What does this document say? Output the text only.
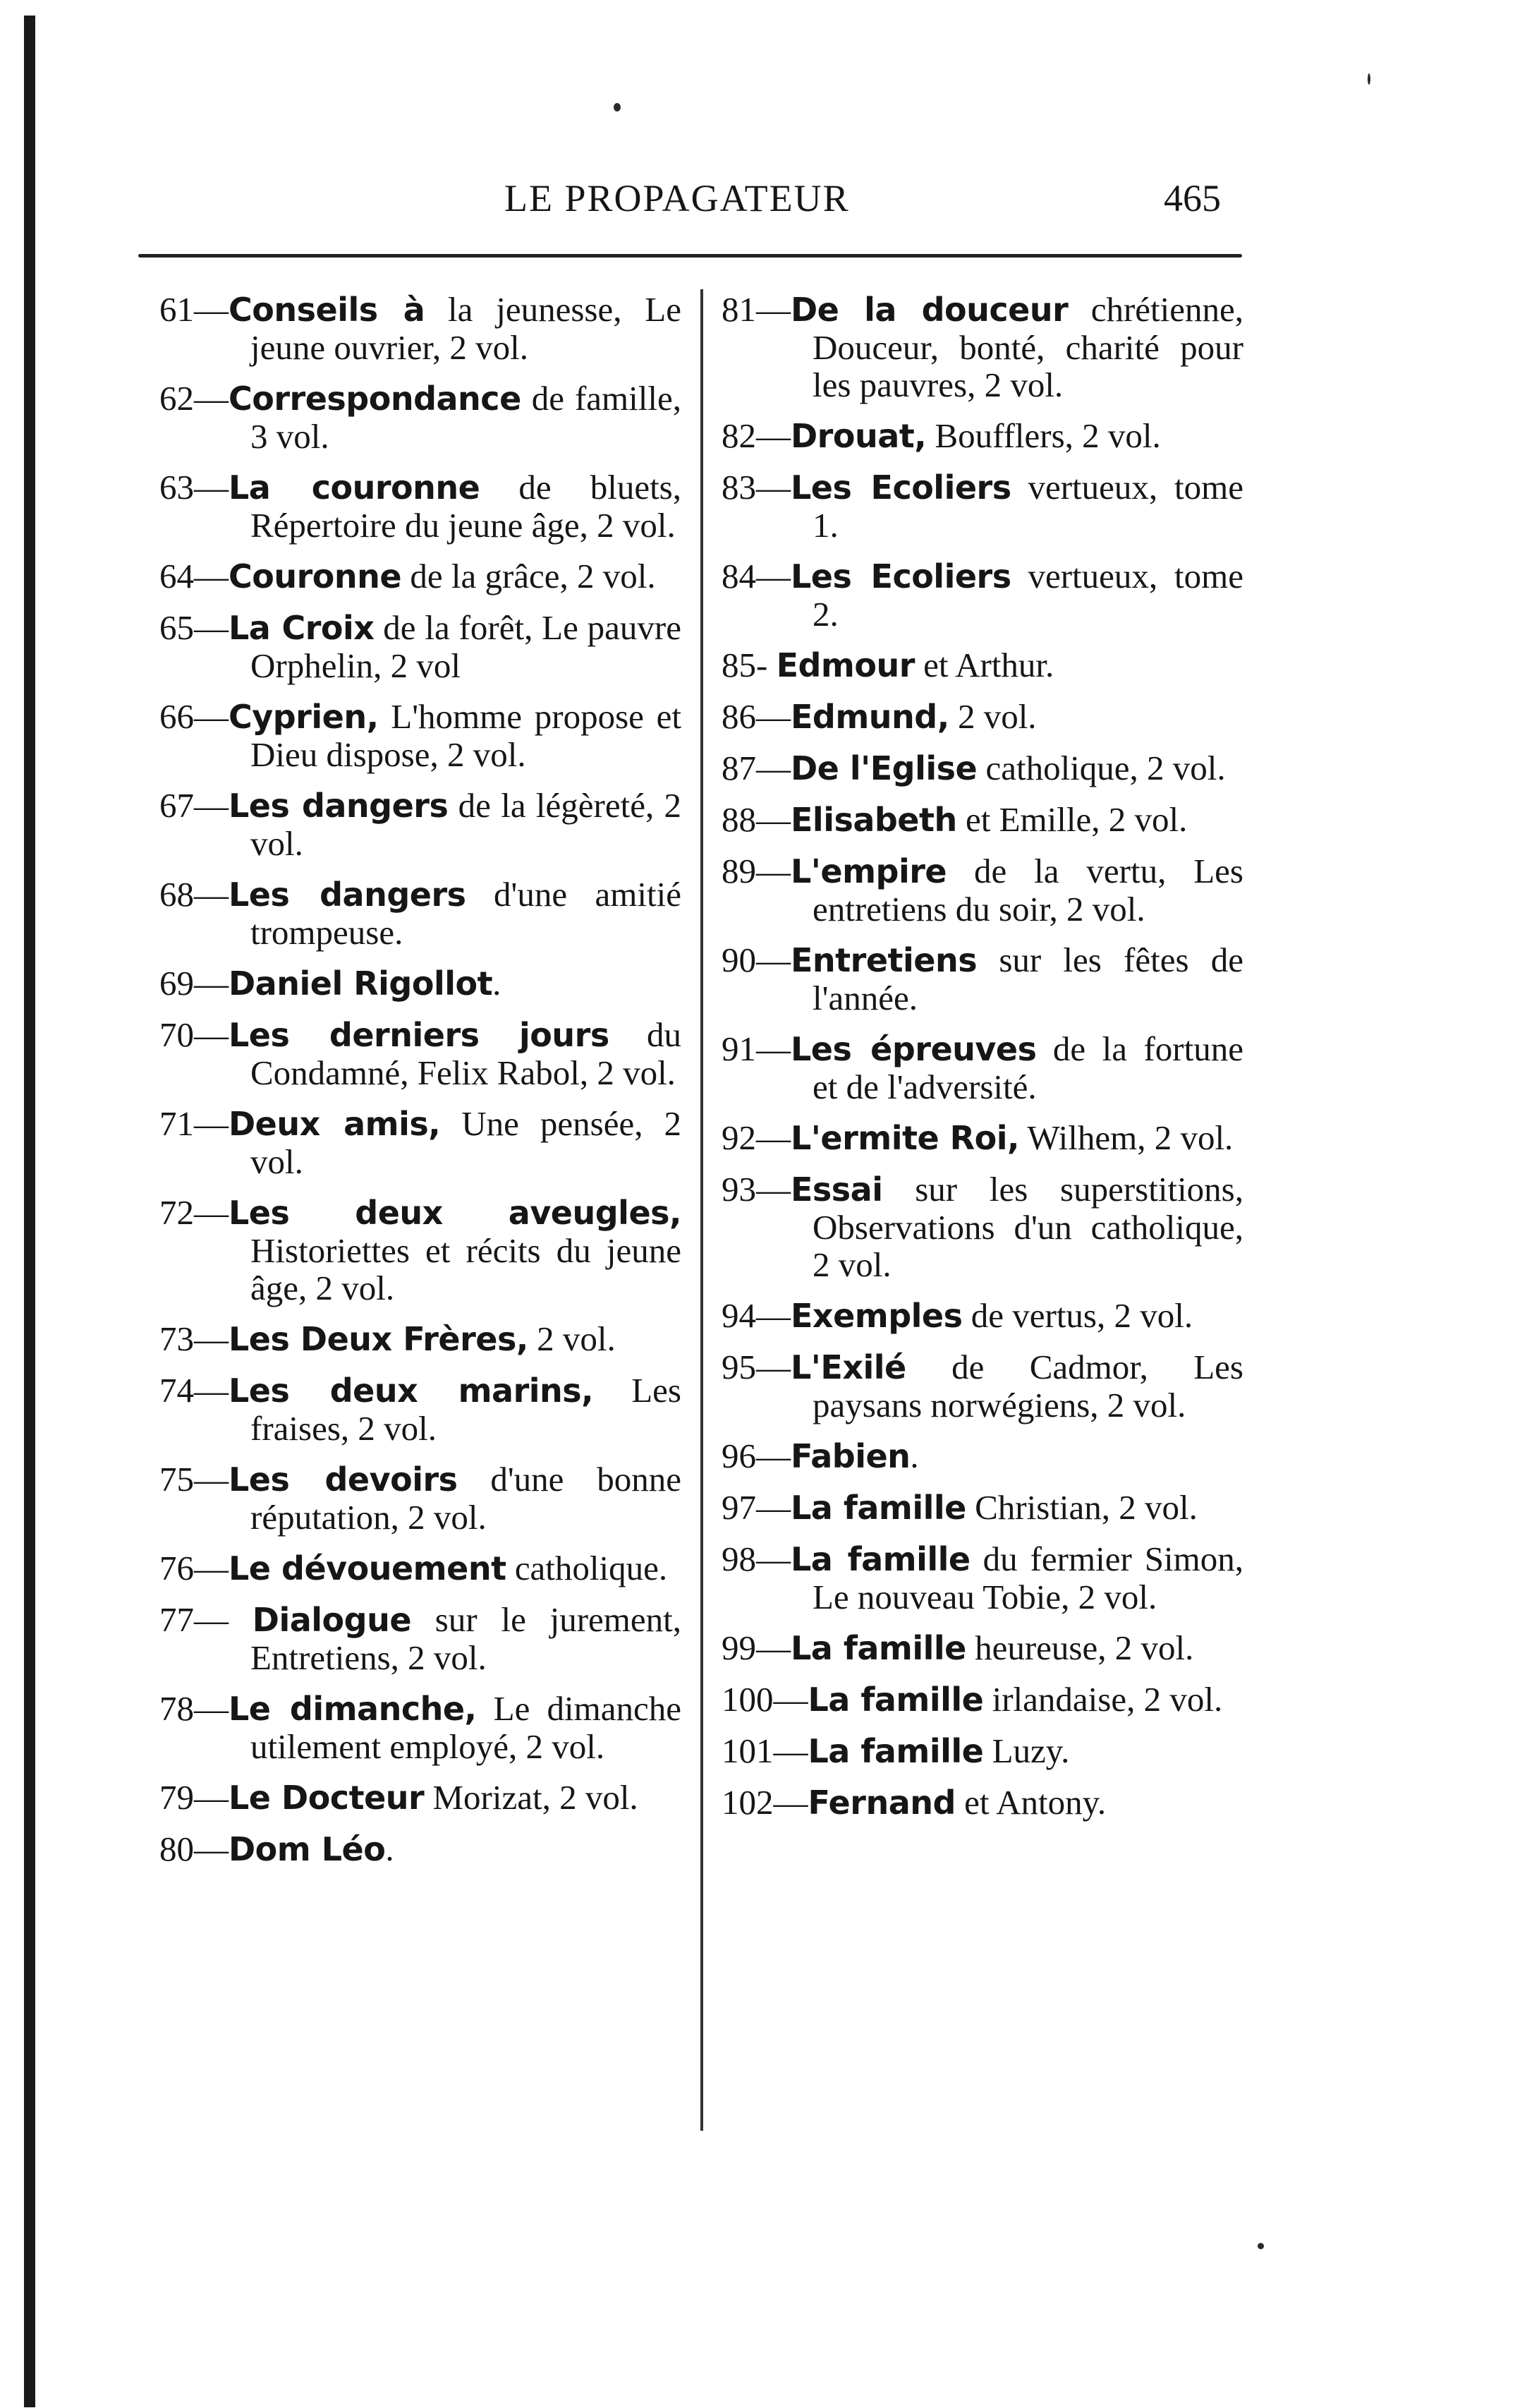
LE PROPAGATEUR	465

61—Conseils à la jeunesse, Le jeune ouvrier, 2 vol.

62—Correspondance de famille, 3 vol.

63—La couronne de bluets, Répertoire du jeune âge, 2 vol.

64—Couronne de la grâce, 2 vol.

65—La Croix de la forêt, Le pauvre Orphelin, 2 vol

66—Cyprien, L'homme propose et Dieu dispose, 2 vol.

67—Les dangers de la légèreté, 2 vol.

68—Les dangers d'une amitié trompeuse.

69—Daniel Rigollot.

70—Les derniers jours du Condamné, Felix Rabol, 2 vol.

71—Deux amis, Une pensée, 2 vol.

72—Les deux aveugles, Historiettes et récits du jeune âge, 2 vol.

73—Les Deux Frères, 2 vol.

74—Les deux marins, Les fraises, 2 vol.

75—Les devoirs d'une bonne réputation, 2 vol.

76—Le dévouement catholique.

77— Dialogue sur le jurement, Entretiens, 2 vol.

78—Le dimanche, Le dimanche utilement employé, 2 vol.

79—Le Docteur Morizat, 2 vol.

80—Dom Léo.

81—De la douceur chrétienne, Douceur, bonté, charité pour les pauvres, 2 vol.

82—Drouat, Boufflers, 2 vol.

83—Les Ecoliers vertueux, tome 1.

84—Les Ecoliers vertueux, tome 2.

85- Edmour et Arthur.

86—Edmund, 2 vol.

87—De l'Eglise catholique, 2 vol.

88—Elisabeth et Emille, 2 vol.

89—L'empire de la vertu, Les entretiens du soir, 2 vol.

90—Entretiens sur les fêtes de l'année.

91—Les épreuves de la fortune et de l'adversité.

92—L'ermite Roi, Wilhem, 2 vol.

93—Essai sur les superstitions, Observations d'un catholique, 2 vol.

94—Exemples de vertus, 2 vol.

95—L'Exilé de Cadmor, Les paysans norwégiens, 2 vol.

96—Fabien.

97—La famille Christian, 2 vol.

98—La famille du fermier Simon, Le nouveau Tobie, 2 vol.

99—La famille heureuse, 2 vol.

100—La famille irlandaise, 2 vol.

101—La famille Luzy.

102—Fernand et Antony.
